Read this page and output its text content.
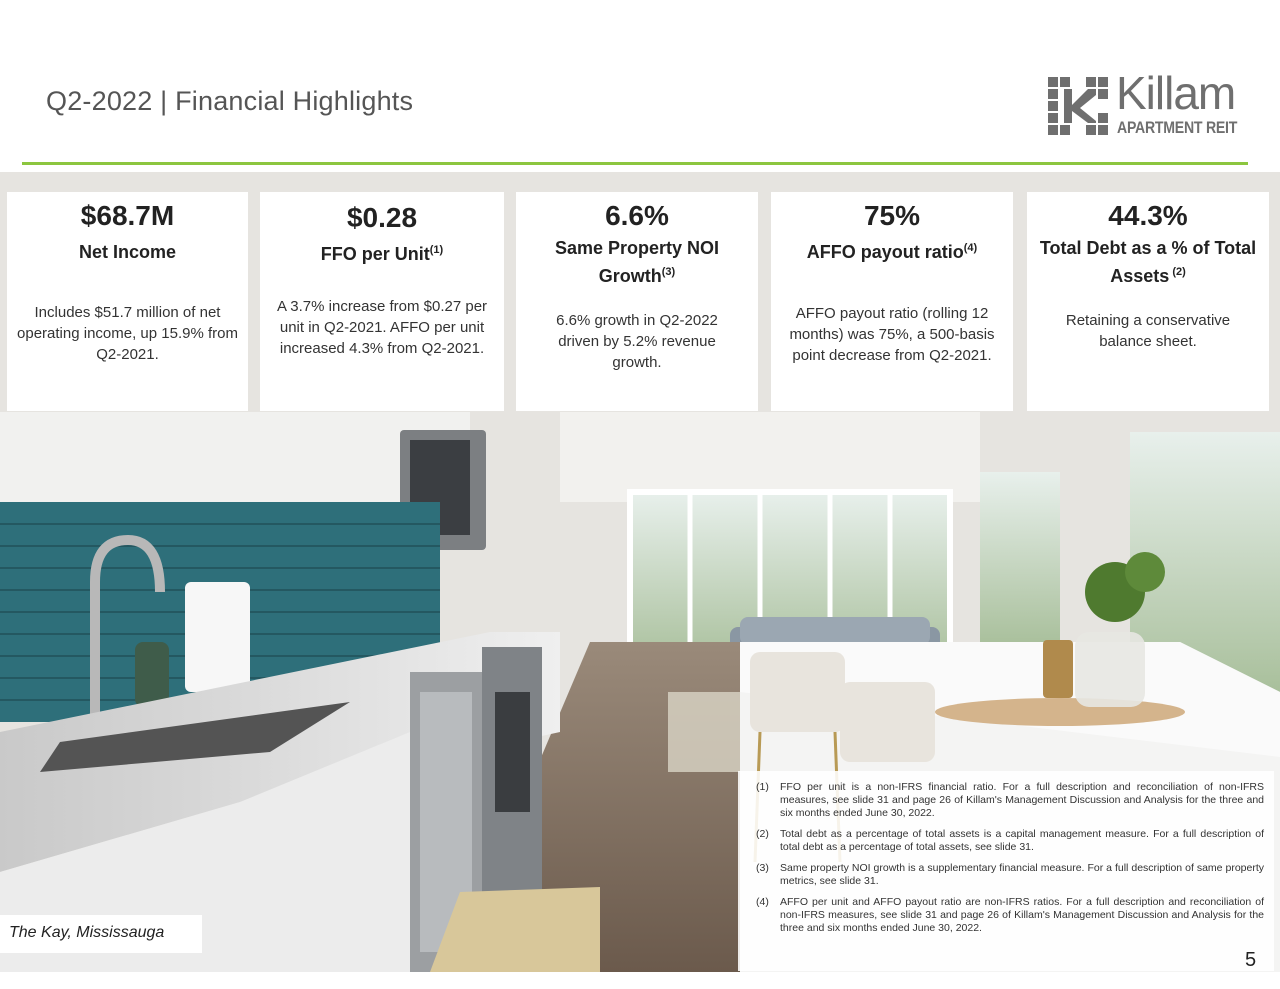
Q2-2022 | Financial Highlights	Killam
APARTMENT REIT
$68.7M
Net Income
Includes $51.7 million of net operating income, up 15.9% from Q2-2021.
$0.28
FFO per Unit$^{(1)}$
A 3.7% increase from $0.27 per unit in Q2-2021. AFFO per unit increased 4.3% from Q2-2021.
6.6%
Same Property NOI Growth$^{(3)}$
6.6% growth in Q2-2022 driven by 5.2% revenue growth.
75%
AFFO payout ratio$^{(4)}$
AFFO payout ratio (rolling 12 months) was 75%, a 500-basis point decrease from Q2-2021.
44.3%
Total Debt as a % of Total Assets $^{(2)}$
Retaining a conservative balance sheet.
(1)	FFO per unit is a non-IFRS financial ratio. For a full description and reconciliation of non-IFRS measures, see slide 31 and page 26 of Killam's Management Discussion and Analysis for the three and six months ended June 30, 2022.
(2)	Total debt as a percentage of total assets is a capital management measure. For a full description of total debt as a percentage of total assets, see slide 31.
(3)	Same property NOI growth is a supplementary financial measure. For a full description of same property metrics, see slide 31.
(4)	AFFO per unit and AFFO payout ratio are non-IFRS ratios. For a full description and reconciliation of non-IFRS measures, see slide 31 and page 26 of Killam's Management Discussion and Analysis for the three and six months ended June 30, 2022.
The Kay, Mississauga
5
